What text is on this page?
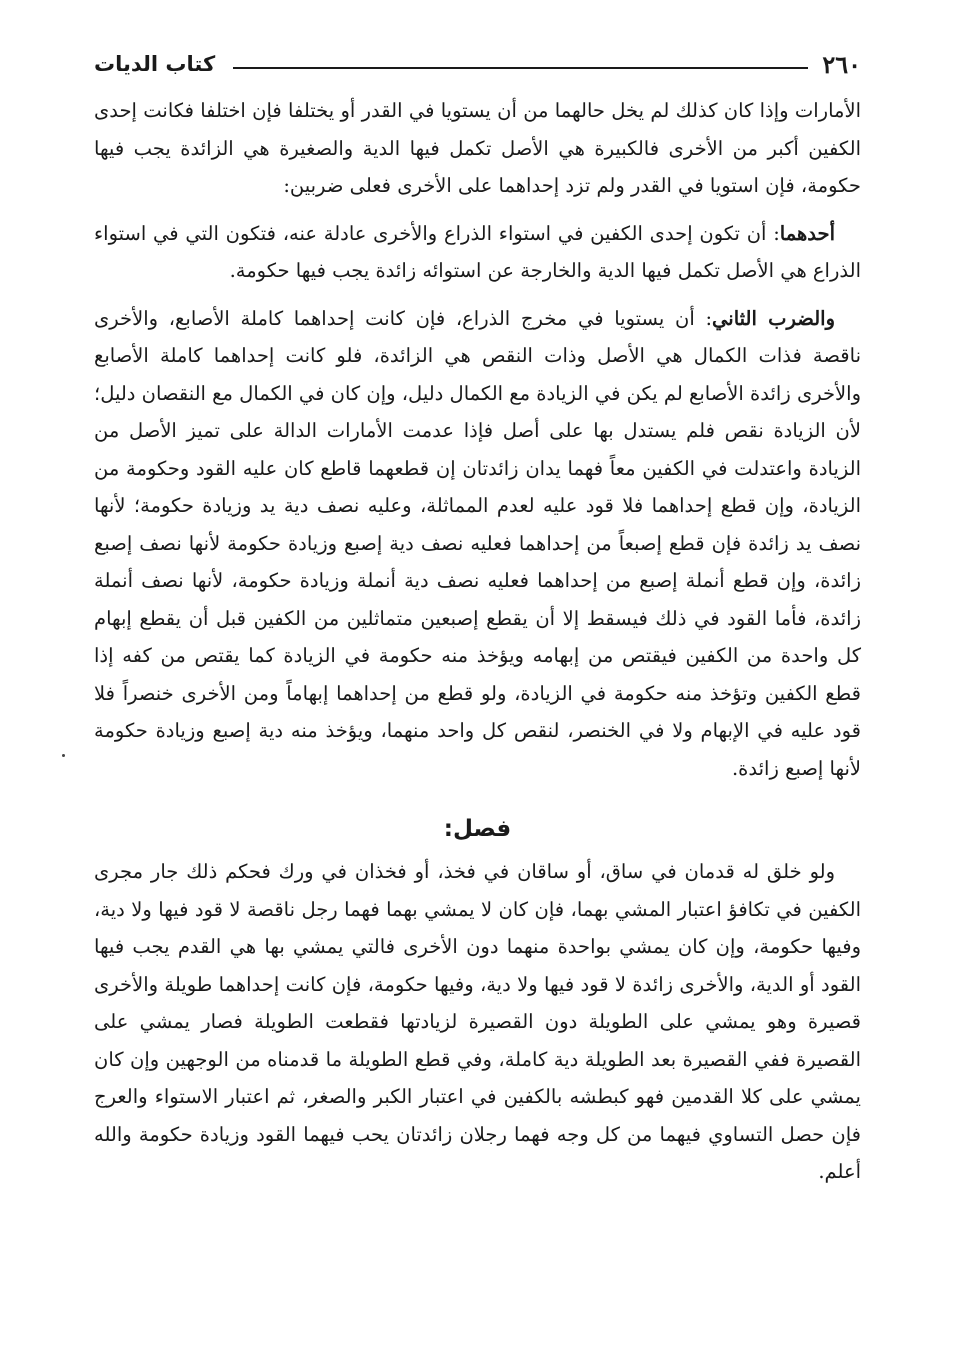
٢٦٠
كتاب الديات

الأمارات وإذا كان كذلك لم يخل حالهما من أن يستويا في القدر أو يختلفا فإن اختلفا فكانت إحدى الكفين أكبر من الأخرى فالكبيرة هي الأصل تكمل فيها الدية والصغيرة هي الزائدة يجب فيها حكومة، فإن استويا في القدر ولم تزد إحداهما على الأخرى فعلى ضربين:

أحدهما: أن تكون إحدى الكفين في استواء الذراع والأخرى عادلة عنه، فتكون التي في استواء الذراع هي الأصل تكمل فيها الدية والخارجة عن استوائه زائدة يجب فيها حكومة.

والضرب الثاني: أن يستويا في مخرج الذراع، فإن كانت إحداهما كاملة الأصابع، والأخرى ناقصة فذات الكمال هي الأصل وذات النقص هي الزائدة، فلو كانت إحداهما كاملة الأصابع والأخرى زائدة الأصابع لم يكن في الزيادة مع الكمال دليل، وإن كان في الكمال مع النقصان دليل؛ لأن الزيادة نقص فلم يستدل بها على أصل فإذا عدمت الأمارات الدالة على تميز الأصل من الزيادة واعتدلت في الكفين معاً فهما يدان زائدتان إن قطعهما قاطع كان عليه القود وحكومة من الزيادة، وإن قطع إحداهما فلا قود عليه لعدم المماثلة، وعليه نصف دية يد وزيادة حكومة؛ لأنها نصف يد زائدة فإن قطع إصبعاً من إحداهما فعليه نصف دية إصبع وزيادة حكومة لأنها نصف إصبع زائدة، وإن قطع أنملة إصبع من إحداهما فعليه نصف دية أنملة وزيادة حكومة، لأنها نصف أنملة زائدة، فأما القود في ذلك فيسقط إلا أن يقطع إصبعين متماثلين من الكفين قبل أن يقطع إبهام كل واحدة من الكفين فيقتص من إبهامه ويؤخذ منه حكومة في الزيادة كما يقتص من كفه إذا قطع الكفين وتؤخذ منه حكومة في الزيادة، ولو قطع من إحداهما إبهاماً ومن الأخرى خنصراً فلا قود عليه في الإبهام ولا في الخنصر، لنقص كل واحد منهما، ويؤخذ منه دية إصبع وزيادة حكومة لأنها إصبع زائدة.

فصل:

ولو خلق له قدمان في ساق، أو ساقان في فخذ، أو فخذان في ورك فحكم ذلك جار مجرى الكفين في تكافؤ اعتبار المشي بهما، فإن كان لا يمشي بهما فهما رجل ناقصة لا قود فيها ولا دية، وفيها حكومة، وإن كان يمشي بواحدة منهما دون الأخرى فالتي يمشي بها هي القدم يجب فيها القود أو الدية، والأخرى زائدة لا قود فيها ولا دية، وفيها حكومة، فإن كانت إحداهما طويلة والأخرى قصيرة وهو يمشي على الطويلة دون القصيرة لزيادتها فقطعت الطويلة فصار يمشي على القصيرة ففي القصيرة بعد الطويلة دية كاملة، وفي قطع الطويلة ما قدمناه من الوجهين وإن كان يمشي على كلا القدمين فهو كبطشه بالكفين في اعتبار الكبر والصغر، ثم اعتبار الاستواء والعرج فإن حصل التساوي فيهما من كل وجه فهما رجلان زائدتان يحب فيهما القود وزيادة حكومة والله أعلم.
